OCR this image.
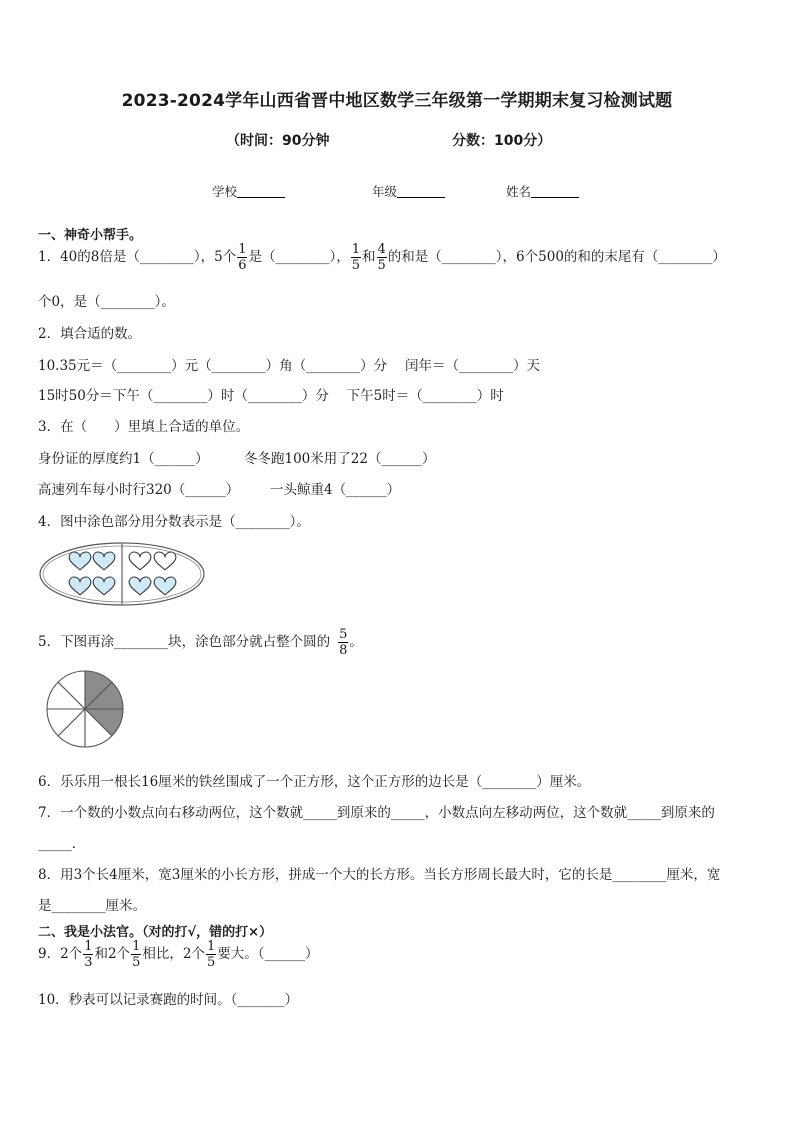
2023-2024学年山西省晋中地区数学三年级第一学期期末复习检测试题
（时间：90分钟	分数：100分）
学校	年级	姓名
一、神奇小帮手。
1．40的8倍是（________），5个 $\frac{1}{6}$ 是（________）， $\frac{1}{5}$ 和 $\frac{4}{5}$ 的和是（________），6个500的和的末尾有（________）
个0，是（________）。
2．填合适的数。
10.35元＝（________）元（________）角（________）分　 闰年＝（________）天
15时50分＝下午（________）时（________）分　 下午5时＝（________）时
3．在（　　）里填上合适的单位。
身份证的厚度约1（______）	冬冬跑100米用了22（______）
高速列车每小时行320（______） 一头鲸重4（______）
4．图中涂色部分用分数表示是（________）。
5．下图再涂________块，涂色部分就占整个圆的 $\frac{5}{8}$ 。
6．乐乐用一根长16厘米的铁丝围成了一个正方形，这个正方形的边长是（________）厘米。
7．一个数的小数点向右移动两位，这个数就_____到原来的_____，小数点向左移动两位，这个数就_____到原来的
_____．
8．用3个长4厘米，宽3厘米的小长方形，拼成一个大的长方形。当长方形周长最大时，它的长是________厘米，宽
是________厘米。
二、我是小法官。（对的打√，错的打×）
9．2个 $\frac{1}{3}$ 和2个 $\frac{1}{5}$ 相比，2个 $\frac{1}{5}$ 要大。（______）
10．秒表可以记录赛跑的时间。（_______）
